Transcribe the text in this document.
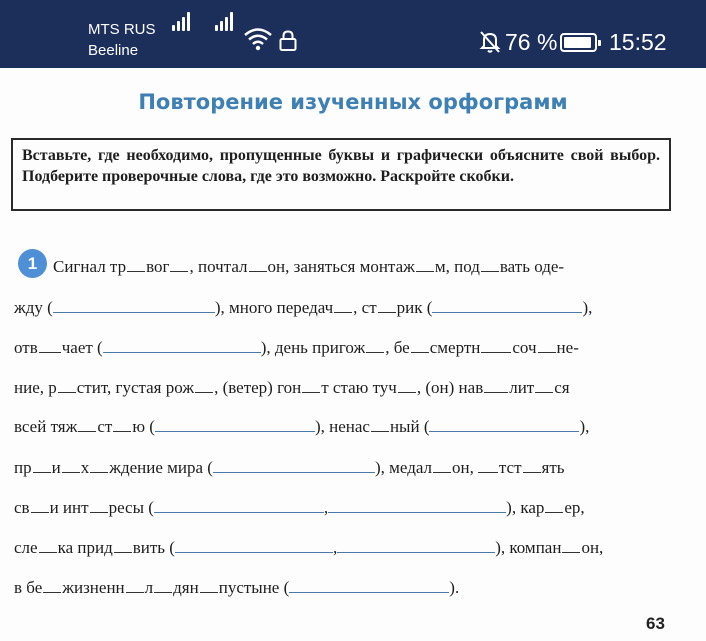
MTS RUS
Beeline	76 % 15:52
Повторение изученных орфограмм
Вставьте, где необходимо, пропущенные буквы и графически объясните свой выбор. Подберите проверочные слова, где это возможно. Раскройте скобки.
1 Сигнал тр вог , почтал он, заняться монтаж м, под вать оде-
жду (	), много передач , ст рик (	),
отв чает (	), день пригож , бе смертн соч не-
ние, р стит, густая рож , (ветер) гон т стаю туч , (он) нав лит ся
всей тяж ст ю (	), ненас ный (	),
пр и х ждение мира (	), медал он, тст ять
св и инт ресы (	,	), кар ер,
сле ка прид вить (	,	), компан он,
в бе жизненн л дян пустыне (	).
63
